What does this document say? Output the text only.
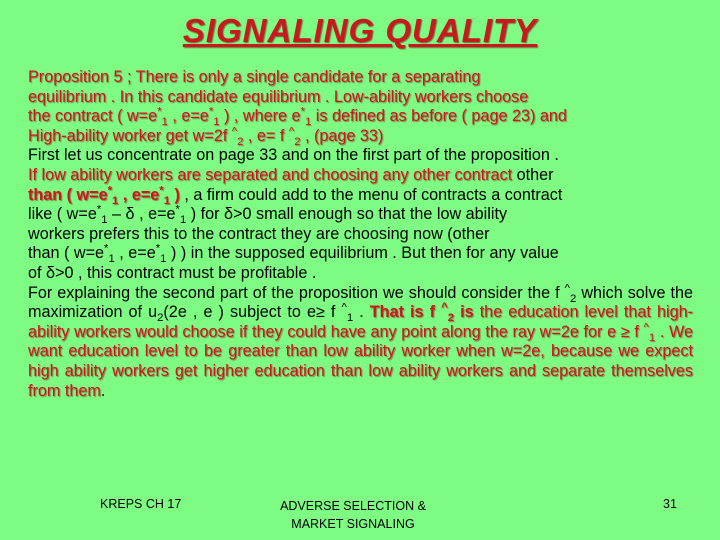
SIGNALING QUALITY

Proposition 5 ; There is only a single candidate for a separating
equilibrium . In this candidate equilibrium . Low-ability workers choose
the contract ( $w=e^*_1$ , $e=e^*_1$ ) , where $e^*_1$ is defined as before ( page 23) and
High-ability worker get w=2f ^$_2$ , e= f ^$_2$ , (page 33)

First let us concentrate on page 33 and on the first part of the proposition .
If low ability workers are separated and choosing any other contract other
than ( $w=e^*_1$ , $e=e^*_1$ ) , a firm could add to the menu of contracts a contract
like ( $w=e^*_1 - \delta$ , $e=e^*_1$ ) for δ>0 small enough so that the low ability
workers prefers this to the contract they are choosing now (other
than ( $w=e^*_1$ , $e=e^*_1$ ) ) in the supposed equilibrium . But then for any value
of δ>0 , this contract must be profitable .

For explaining the second part of the proposition we should consider the f ^$_2$ which solve the maximization of $u_2(2e$ , e ) subject to e≥ f ^$_1$ . That is f ^$_2$ is the education level that high-ability workers would choose if they could have any point along the ray w=2e for e ≥ f ^$_1$ . We want education level to be greater than low ability worker when w=2e, because we expect high ability workers get higher education than low ability workers and separate themselves from them.

KREPS CH 17	ADVERSE SELECTION &
MARKET SIGNALING
31
